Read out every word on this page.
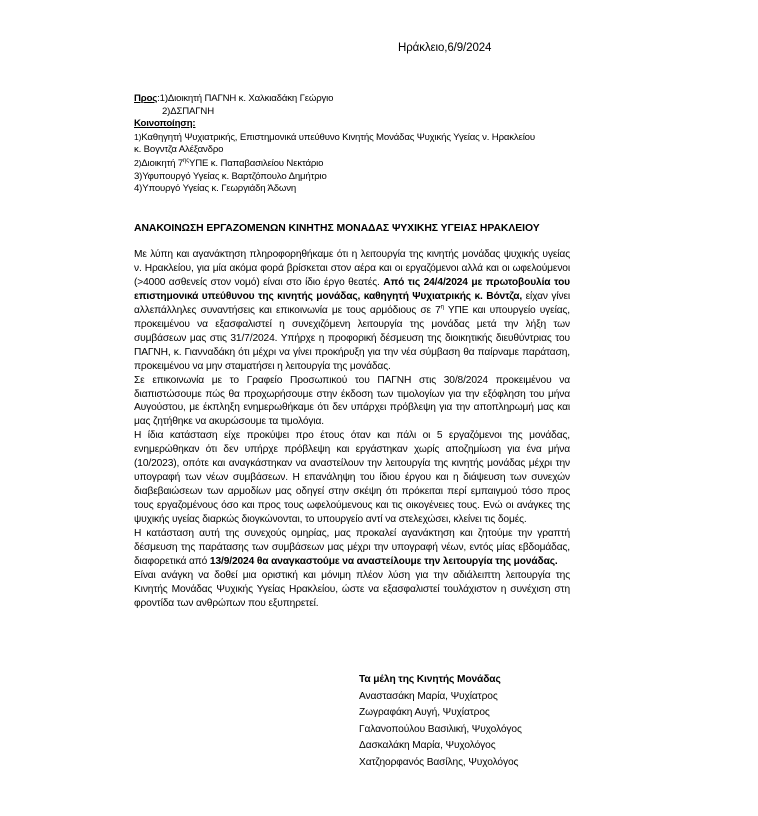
Ηράκλειο,6/9/2024
Προς:1)Διοικητή ΠΑΓΝΗ κ. Χαλκιαδάκη Γεώργιο
2)ΔΣΠΑΓΝΗ
Κοινοποίηση:
1)Καθηγητή Ψυχιατρικής, Επιστημονικά υπεύθυνο Κινητής Μονάδας Ψυχικής Υγείας ν. Ηρακλείου
κ. Βογντζα Αλέξανδρο
2)Διοικητή $7^{\eta\varsigma}\Upsilon\Pi E$ κ. Παπαβασιλείου Νεκτάριο
3)Υφυπουργό Υγείας κ. Βαρτζόπουλο Δημήτριο
4)Υπουργό Υγείας κ. Γεωργιάδη Άδωνη
ΑΝΑΚΟΙΝΩΣΗ ΕΡΓΑΖΟΜΕΝΩΝ ΚΙΝΗΤΗΣ ΜΟΝΑΔΑΣ ΨΥΧΙΚΗΣ ΥΓΕΙΑΣ ΗΡΑΚΛΕΙΟΥ

Με λύπη και αγανάκτηση πληροφορηθήκαμε ότι η λειτουργία της κινητής μονάδας ψυχικής υγείας ν. Ηρακλείου, για μία ακόμα φορά βρίσκεται στον αέρα και οι εργαζόμενοι αλλά και οι ωφελούμενοι (>4000 ασθενείς στον νομό) είναι στο ίδιο έργο θεατές. Από τις 24/4/2024 με πρωτοβουλία του επιστημονικά υπεύθυνου της κινητής μονάδας, καθηγητή Ψυχιατρικής κ. Βόντζα, είχαν γίνει αλλεπάλληλες συναντήσεις και επικοινωνία με τους αρμόδιους σε $7^\eta$ ΥΠΕ και υπουργείο υγείας, προκειμένου να εξασφαλιστεί η συνεχιζόμενη λειτουργία της μονάδας μετά την λήξη των συμβάσεων μας στις 31/7/2024. Υπήρχε η προφορική δέσμευση της διοικητικής διευθύντριας του ΠΑΓΝΗ, κ. Γιανναδάκη ότι μέχρι να γίνει προκήρυξη για την νέα σύμβαση θα παίρναμε παράταση, προκειμένου να μην σταματήσει η λειτουργία της μονάδας.

Σε επικοινωνία με το Γραφείο Προσωπικού του ΠΑΓΝΗ στις 30/8/2024 προκειμένου να διαπιστώσουμε πώς θα προχωρήσουμε στην έκδοση των τιμολογίων για την εξόφληση του μήνα Αυγούστου, με έκπληξη ενημερωθήκαμε ότι δεν υπάρχει πρόβλεψη για την αποπληρωμή μας και μας ζητήθηκε να ακυρώσουμε τα τιμολόγια.

Η ίδια κατάσταση είχε προκύψει προ έτους όταν και πάλι οι 5 εργαζόμενοι της μονάδας, ενημερώθηκαν ότι δεν υπήρχε πρόβλεψη και εργάστηκαν χωρίς αποζημίωση για ένα μήνα (10/2023), οπότε και αναγκάστηκαν να αναστείλουν την λειτουργία της κινητής μονάδας μέχρι την υπογραφή των νέων συμβάσεων. Η επανάληψη του ίδιου έργου και η διάψευση των συνεχών διαβεβαιώσεων των αρμοδίων μας οδηγεί στην σκέψη ότι πρόκειται περί εμπαιγμού τόσο προς τους εργαζομένους όσο και προς τους ωφελούμενους και τις οικογένειες τους. Ενώ οι ανάγκες της ψυχικής υγείας διαρκώς διογκώνονται, το υπουργείο αντί να στελεχώσει, κλείνει τις δομές.

Η κατάσταση αυτή της συνεχούς ομηρίας, μας προκαλεί αγανάκτηση και ζητούμε την γραπτή δέσμευση της παράτασης των συμβάσεων μας μέχρι την υπογραφή νέων, εντός μίας εβδομάδας, διαφορετικά από 13/9/2024 θα αναγκαστούμε να αναστείλουμε την λειτουργία της μονάδας.

Είναι ανάγκη να δοθεί μια οριστική και μόνιμη πλέον λύση για την αδιάλειπτη λειτουργία της Κινητής Μονάδας Ψυχικής Υγείας Ηρακλείου, ώστε να εξασφαλιστεί τουλάχιστον η συνέχιση στη φροντίδα των ανθρώπων που εξυπηρετεί.

Τα μέλη της Κινητής Μονάδας
Αναστασάκη Μαρία, Ψυχίατρος
Ζωγραφάκη Αυγή, Ψυχίατρος
Γαλανοπούλου Βασιλική, Ψυχολόγος
Δασκαλάκη Μαρία, Ψυχολόγος
Χατζηορφανός Βασίλης, Ψυχολόγος
